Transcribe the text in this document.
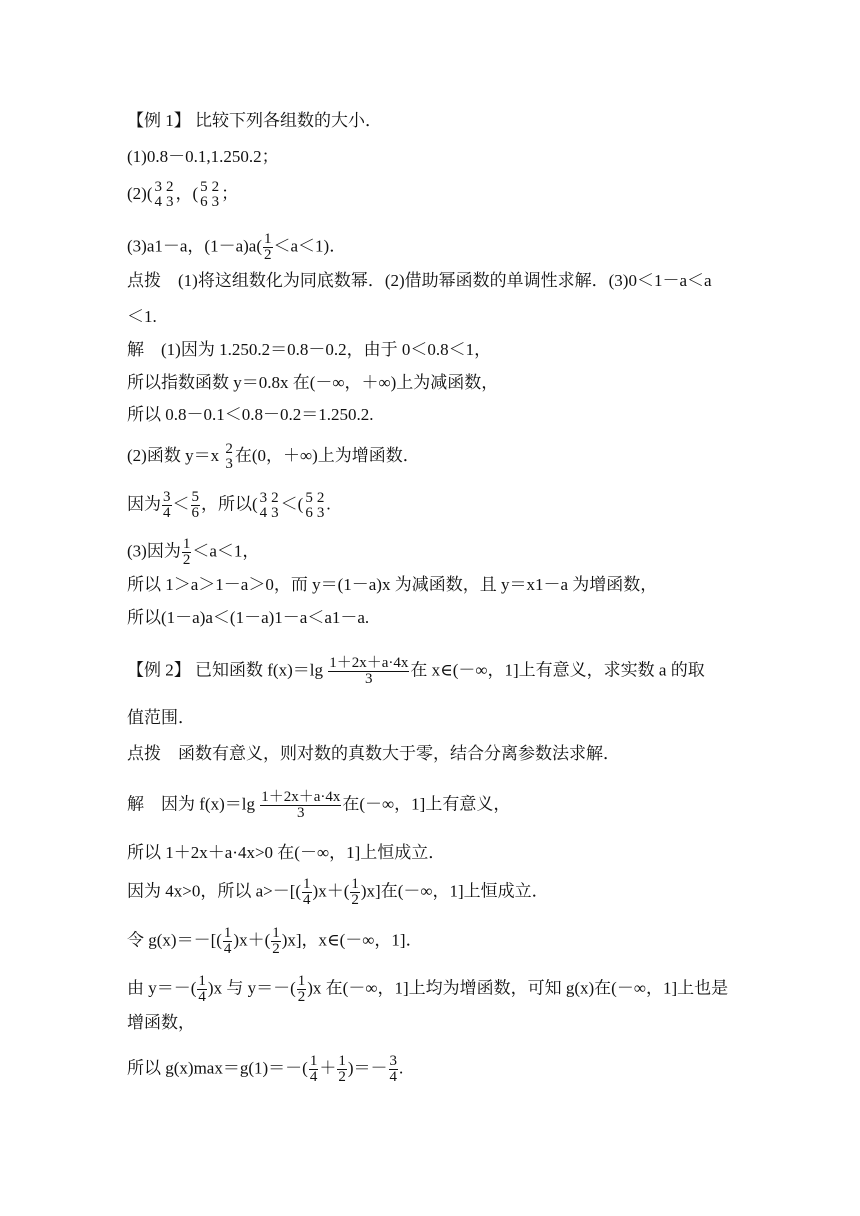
【例 1】 比较下列各组数的大小．
(1)0.8－0.1,1.250.2；
(2)( 3
4
2
3 ，( 5
6
2
3 ；
(3)a1－a，$(1-a)a( \frac{1}{2} <a<1)$．
点拨　(1)将这组数化为同底数幂．(2)借助幂函数的单调性求解．(3)0＜1－a＜a
＜1.
解　(1)因为 1.250.2＝0.8－0.2，由于 0＜0.8＜1，
所以指数函数 y＝0.8x 在(－∞，＋∞)上为减函数，
所以 0.8－0.1＜0.8－0.2＝1.250.2.
(2)函数 y＝x 2
3 在(0，＋∞)上为增函数．
因为 $\frac{3}{4} < \frac{5}{6}$ ，所以( 3
4
2
3 ＜( 5
6
2
3 .
(3)因为 $\frac{1}{2} <a<1$，
所以 1＞a＞1－a＞0，而 y＝(1－a)x 为减函数，且 y＝x1－a 为增函数，
所以(1－a)a＜(1－a)1－a＜a1－a.
【例 2】 已知函数 $f(x)=\lg \frac{1+2x+a\cdot 4x}{3}$ 在 x∈(－∞，1]上有意义，求实数 a 的取
值范围．
点拨　函数有意义，则对数的真数大于零，结合分离参数法求解．
解　因为 $f(x)=\lg \frac{1+2x+a\cdot 4x}{3}$ 在(－∞，1]上有意义，
所以 1＋2x＋a·4x>0 在(－∞，1]上恒成立．
因为 4x>0，所以 $a>-[( \frac{1}{4} )x+( \frac{1}{2} )x]$在(－∞，1]上恒成立．
令 $g(x)=-[( \frac{1}{4} )x+( \frac{1}{2} )x]$，x∈(－∞，1]．
由 $y=-( \frac{1}{4} )x$ 与 $y=-( \frac{1}{2} )x$ 在(－∞，1]上均为增函数，可知 g(x)在(－∞，1]上也是
增函数，
所以 $g(x)\max=g(1)=-( \frac{1}{4} + \frac{1}{2}$ )＝－ $\frac{3}{4}$ .
